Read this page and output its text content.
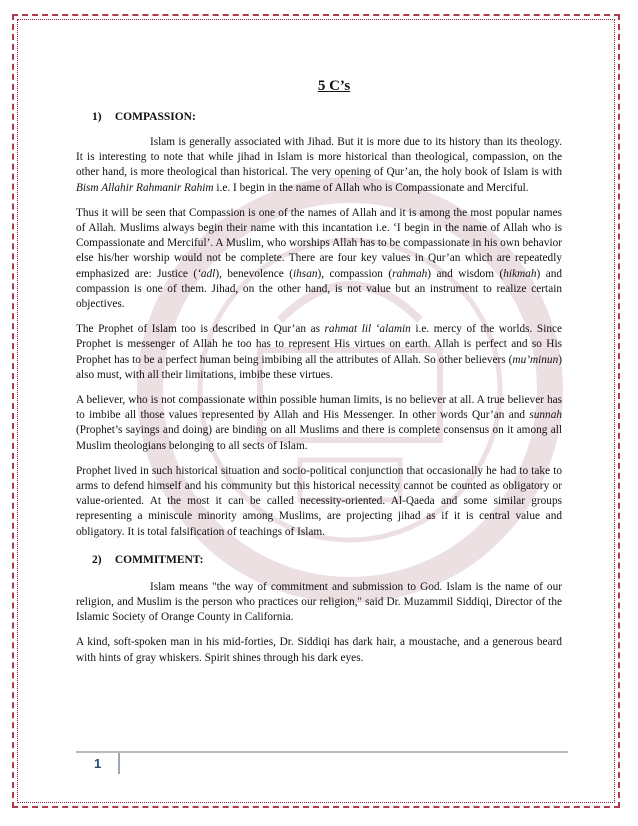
5 C’s
1) COMPASSION:

Islam is generally associated with Jihad. But it is more due to its history than its theology. It is interesting to note that while jihad in Islam is more historical than theological, compassion, on the other hand, is more theological than historical. The very opening of Qur’an, the holy book of Islam is with Bism Allahir Rahmanir Rahim i.e. I begin in the name of Allah who is Compassionate and Merciful.

Thus it will be seen that Compassion is one of the names of Allah and it is among the most popular names of Allah. Muslims always begin their name with this incantation i.e. ‘I begin in the name of Allah who is Compassionate and Merciful’. A Muslim, who worships Allah has to be compassionate in his own behavior else his/her worship would not be complete. There are four key values in Qur’an which are repeatedly emphasized are: Justice (‘adl), benevolence (ihsan), compassion (rahmah) and wisdom (hikmah) and compassion is one of them. Jihad, on the other hand, is not value but an instrument to realize certain objectives.

The Prophet of Islam too is described in Qur’an as rahmat lil ‘alamin i.e. mercy of the worlds. Since Prophet is messenger of Allah he too has to represent His virtues on earth. Allah is perfect and so His Prophet has to be a perfect human being imbibing all the attributes of Allah. So other believers (mu’minun) also must, with all their limitations, imbibe these virtues.

A believer, who is not compassionate within possible human limits, is no believer at all. A true believer has to imbibe all those values represented by Allah and His Messenger. In other words Qur’an and sunnah (Prophet’s sayings and doing) are binding on all Muslims and there is complete consensus on it among all Muslim theologians belonging to all sects of Islam.

Prophet lived in such historical situation and socio-political conjunction that occasionally he had to take to arms to defend himself and his community but this historical necessity cannot be counted as obligatory or value-oriented. At the most it can be called necessity-oriented. Al-Qaeda and some similar groups representing a miniscule minority among Muslims, are projecting jihad as if it is central value and obligatory. It is total falsification of teachings of Islam.

2) COMMITMENT:

Islam means "the way of commitment and submission to God. Islam is the name of our religion, and Muslim is the person who practices our religion," said Dr. Muzammil Siddiqi, Director of the Islamic Society of Orange County in California.

A kind, soft-spoken man in his mid-forties, Dr. Siddiqi has dark hair, a moustache, and a generous beard with hints of gray whiskers. Spirit shines through his dark eyes.

1
